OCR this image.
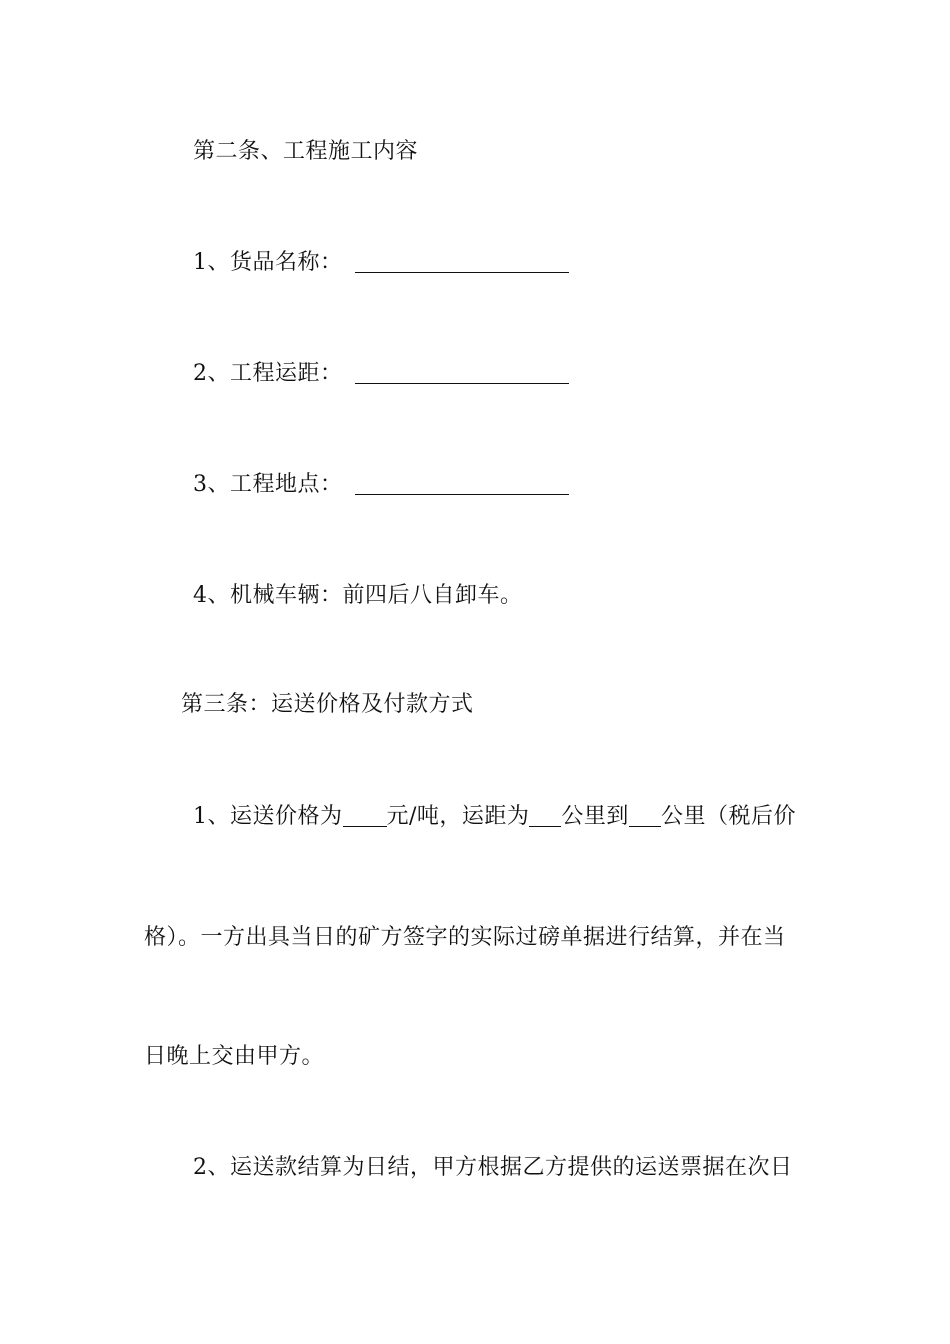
第二条、工程施工内容
1、货品名称：
2、工程运距：
3、工程地点：
4、机械车辆：前四后八自卸车。
第三条：运送价格及付款方式
1、运送价格为 元/吨，运距为 公里到 公里（税后价
格）。一方出具当日的矿方签字的实际过磅单据进行结算，并在当
日晚上交由甲方。
2、运送款结算为日结，甲方根据乙方提供的运送票据在次日
